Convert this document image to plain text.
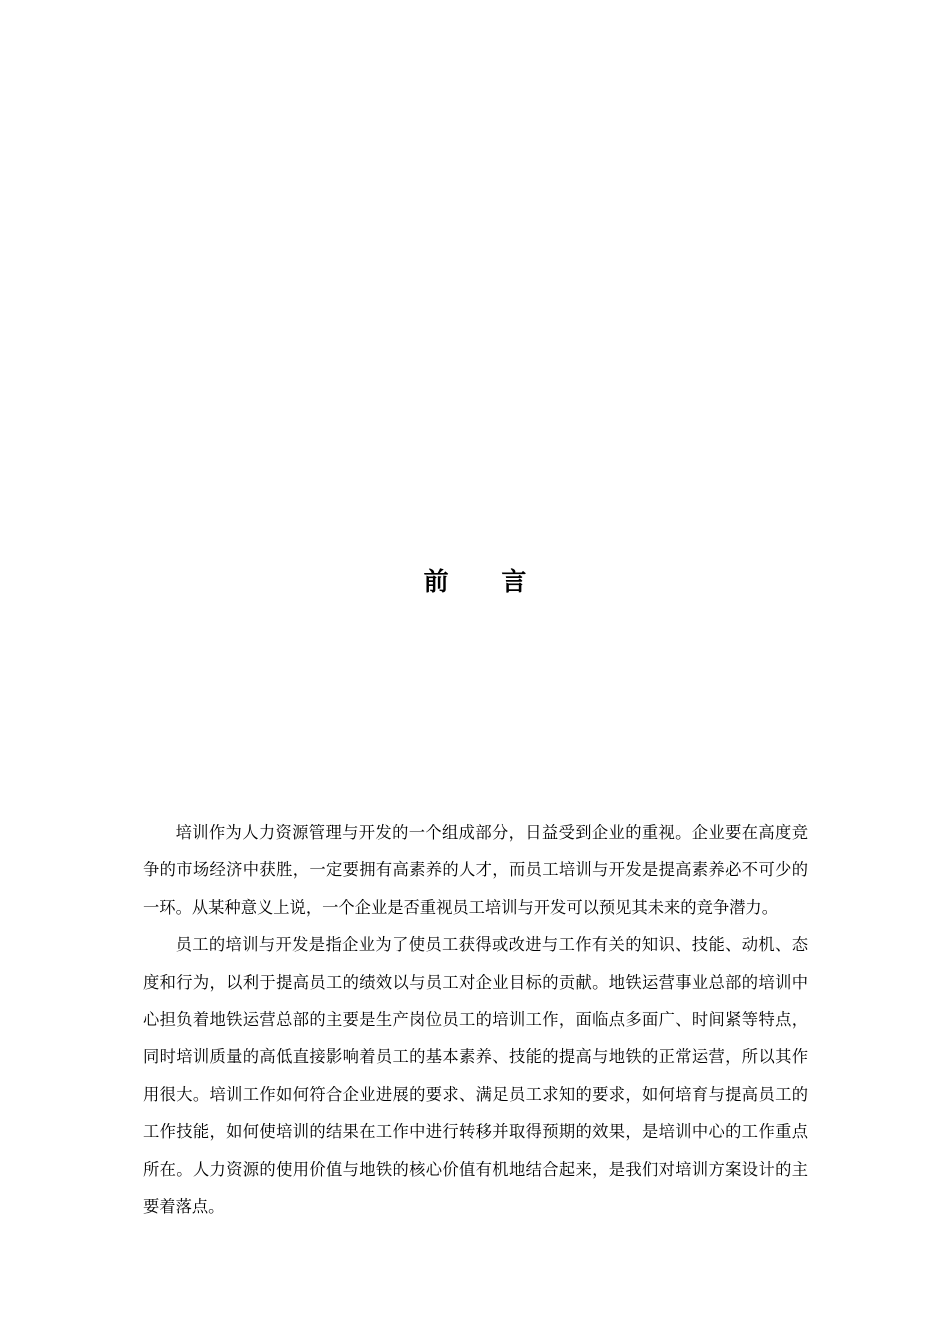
前 言

培训作为人力资源管理与开发的一个组成部分，日益受到企业的重视。企业要在高度竞争的市场经济中获胜，一定要拥有高素养的人才，而员工培训与开发是提高素养必不可少的一环。从某种意义上说，一个企业是否重视员工培训与开发可以预见其未来的竞争潜力。

员工的培训与开发是指企业为了使员工获得或改进与工作有关的知识、技能、动机、态度和行为，以利于提高员工的绩效以与员工对企业目标的贡献。地铁运营事业总部的培训中心担负着地铁运营总部的主要是生产岗位员工的培训工作，面临点多面广、时间紧等特点，同时培训质量的高低直接影响着员工的基本素养、技能的提高与地铁的正常运营，所以其作用很大。培训工作如何符合企业进展的要求、满足员工求知的要求，如何培育与提高员工的工作技能，如何使培训的结果在工作中进行转移并取得预期的效果，是培训中心的工作重点所在。人力资源的使用价值与地铁的核心价值有机地结合起来，是我们对培训方案设计的主要着落点。
